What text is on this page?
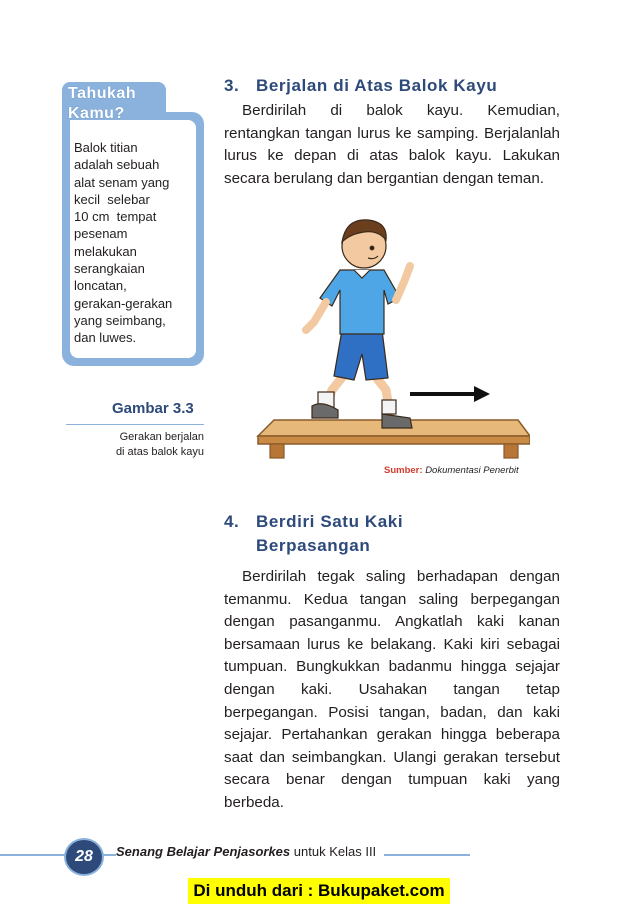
Tahukah
Kamu?
Balok titian
adalah sebuah
alat senam yang
kecil  selebar
10 cm  tempat
pesenam
melakukan
serangkaian
loncatan,
gerakan-gerakan
yang seimbang,
dan luwes.
Gambar 3.3
Gerakan berjalan
di atas balok kayu
3. Berjalan di Atas Balok Kayu
Berdirilah di balok kayu. Kemudian, rentangkan tangan lurus ke samping. Berjalanlah lurus ke depan di atas balok kayu. Lakukan secara berulang dan bergantian dengan teman.
Sumber: Dokumentasi Penerbit
4. Berdiri Satu Kaki
Berpasangan
Berdirilah tegak saling berhadapan dengan temanmu. Kedua tangan saling berpegangan dengan pasanganmu. Angkatlah kaki kanan bersamaan lurus ke belakang. Kaki kiri sebagai tumpuan. Bungkukkan badanmu hingga sejajar dengan kaki. Usahakan tangan tetap berpegangan. Posisi tangan, badan, dan kaki sejajar. Pertahankan gerakan hingga beberapa saat dan seimbangkan. Ulangi gerakan tersebut secara benar dengan tumpuan kaki yang berbeda.
28	Senang Belajar Penjasorkes untuk Kelas III
Di unduh dari : Bukupaket.com
